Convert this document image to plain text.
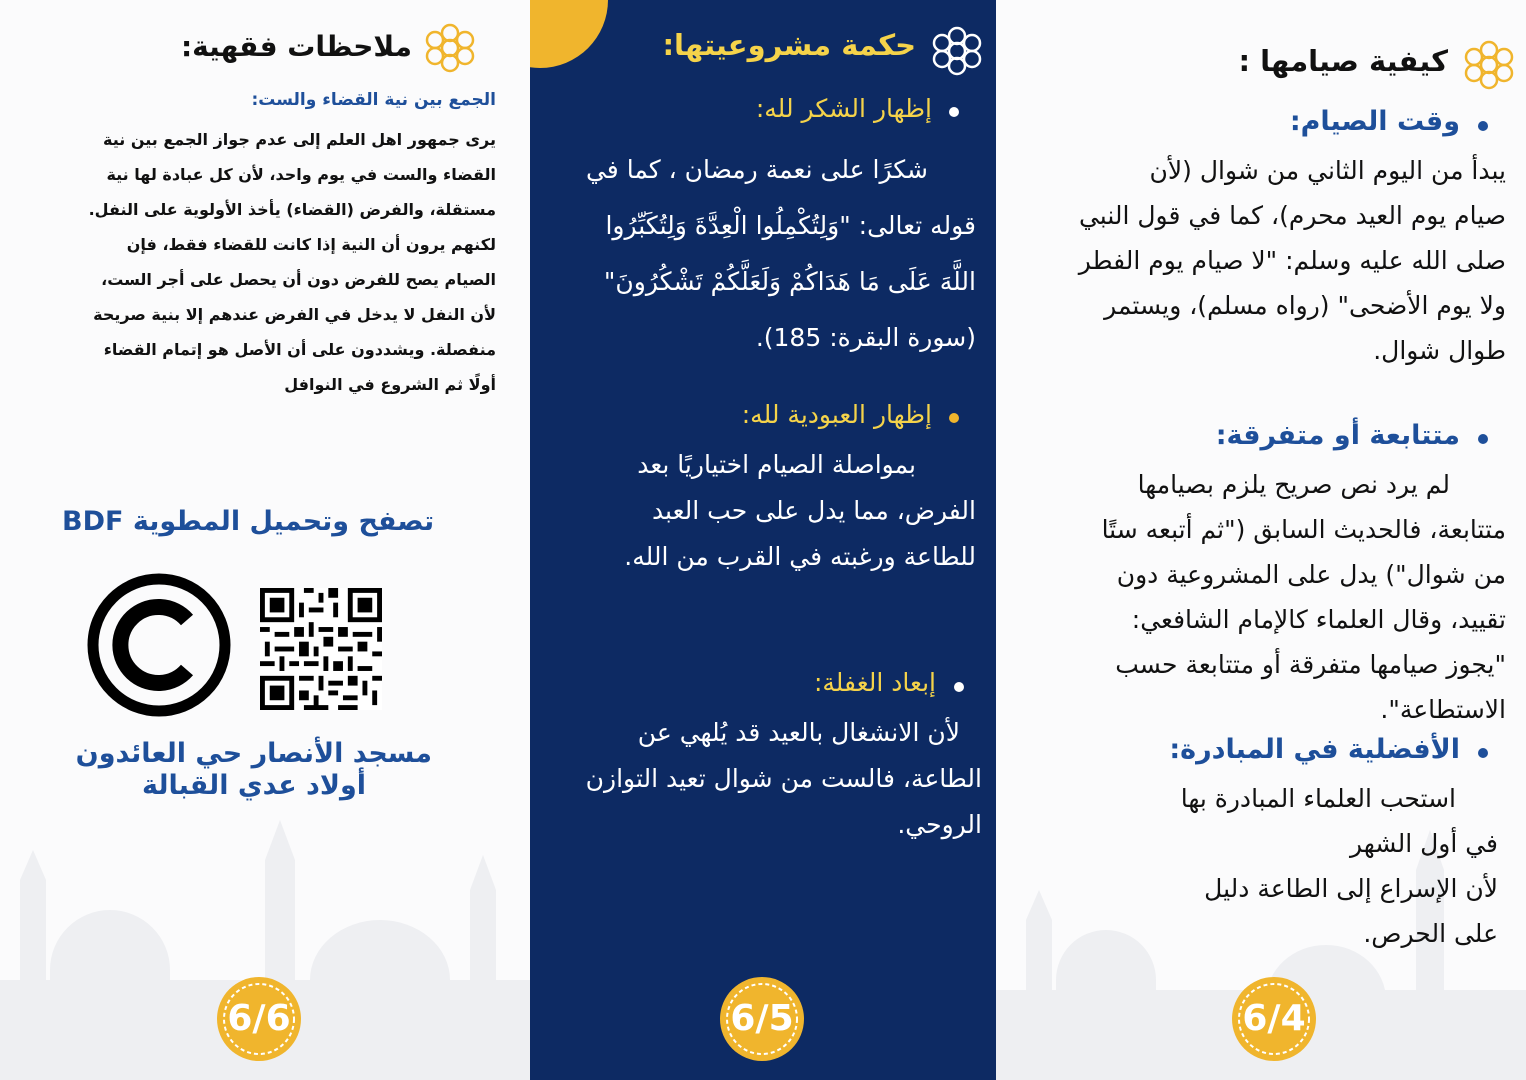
ملاحظات فقهية:
الجمع بين نية القضاء والست:
يرى جمهور اهل العلم إلى عدم جواز الجمع بين نية
القضاء والست في يوم واحد، لأن كل عبادة لها نية
مستقلة، والفرض (القضاء) يأخذ الأولوية على النفل.
لكنهم يرون أن النية إذا كانت للقضاء فقط، فإن
الصيام يصح للفرض دون أن يحصل على أجر الست،
لأن النفل لا يدخل في الفرض عندهم إلا بنية صريحة
منفصلة. ويشددون على أن الأصل هو إتمام القضاء
أولًا ثم الشروع في النوافل
تصفح وتحميل المطوية BDF
©
مسجد الأنصار حي العائدون
أولاد عدي القبالة
6/6
حكمة مشروعيتها:
إظهار الشكر لله:
شكرًا على نعمة رمضان ، كما في
قوله تعالى: "وَلِتُكْمِلُوا الْعِدَّةَ وَلِتُكَبِّرُوا
اللَّهَ عَلَى مَا هَدَاكُمْ وَلَعَلَّكُمْ تَشْكُرُونَ"
(سورة البقرة: 185).
إظهار العبودية لله:
بمواصلة الصيام اختياريًا بعد
الفرض، مما يدل على حب العبد
للطاعة ورغبته في القرب من الله.
إبعاد الغفلة:
لأن الانشغال بالعيد قد يُلهي عن
الطاعة، فالست من شوال تعيد التوازن
الروحي.
6/5
كيفية صيامها :
وقت الصيام:
يبدأ من اليوم الثاني من شوال (لأن
صيام يوم العيد محرم)، كما في قول النبي
صلى الله عليه وسلم: "لا صيام يوم الفطر
ولا يوم الأضحى" (رواه مسلم)، ويستمر
طوال شوال.
متتابعة أو متفرقة:
لم يرد نص صريح يلزم بصيامها
متتابعة، فالحديث السابق ("ثم أتبعه ستًا
من شوال") يدل على المشروعية دون
تقييد، وقال العلماء كالإمام الشافعي:
"يجوز صيامها متفرقة أو متتابعة حسب
الاستطاعة".
الأفضلية في المبادرة:
استحب العلماء المبادرة بها
في أول الشهر
لأن الإسراع إلى الطاعة دليل
على الحرص.
6/4
